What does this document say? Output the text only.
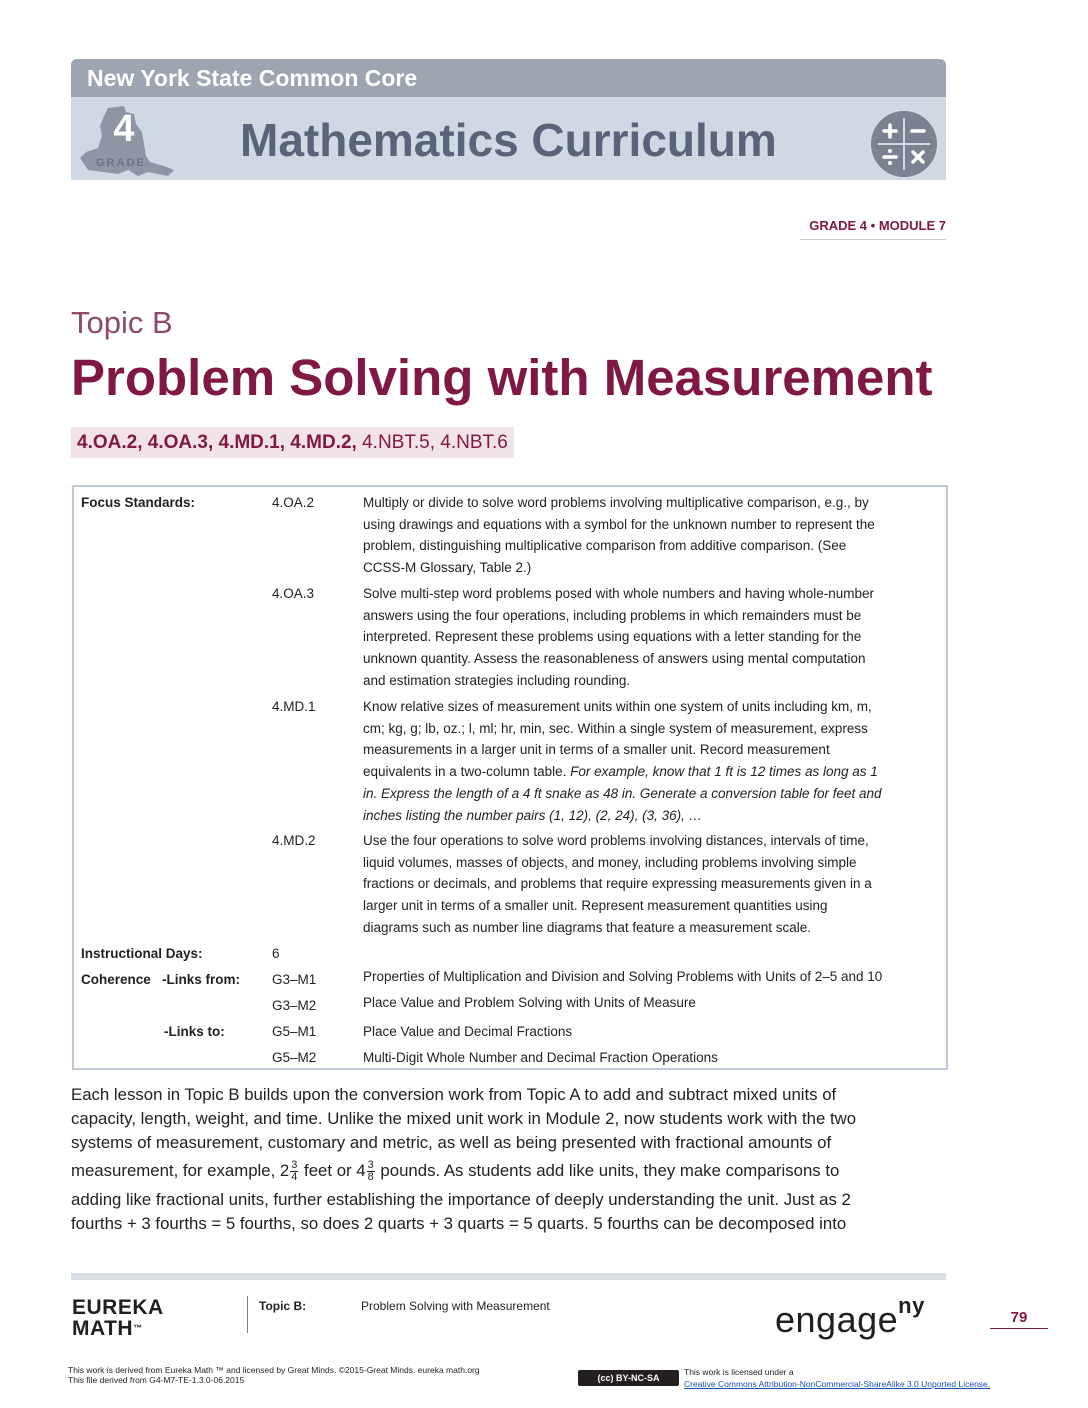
New York State Common Core
4
GRADE Mathematics Curriculum
GRADE 4 • MODULE 7
Topic B
Problem Solving with Measurement
4.OA.2, 4.OA.3, 4.MD.1, 4.MD.2, 4.NBT.5, 4.NBT.6
Focus Standards:	4.OA.2	Multiply or divide to solve word problems involving multiplicative comparison, e.g., by
using drawings and equations with a symbol for the unknown number to represent the
problem, distinguishing multiplicative comparison from additive comparison. (See
CCSS-M Glossary, Table 2.)
4.OA.3	Solve multi-step word problems posed with whole numbers and having whole-number
answers using the four operations, including problems in which remainders must be
interpreted. Represent these problems using equations with a letter standing for the
unknown quantity. Assess the reasonableness of answers using mental computation
and estimation strategies including rounding.
4.MD.1	Know relative sizes of measurement units within one system of units including km, m,
cm; kg, g; lb, oz.; l, ml; hr, min, sec. Within a single system of measurement, express
measurements in a larger unit in terms of a smaller unit. Record measurement
equivalents in a two-column table. For example, know that 1 ft is 12 times as long as 1
in. Express the length of a 4 ft snake as 48 in. Generate a conversion table for feet and
inches listing the number pairs (1, 12), (2, 24), (3, 36), …
4.MD.2	Use the four operations to solve word problems involving distances, intervals of time,
liquid volumes, masses of objects, and money, including problems involving simple
fractions or decimals, and problems that require expressing measurements given in a
larger unit in terms of a smaller unit. Represent measurement quantities using
diagrams such as number line diagrams that feature a measurement scale.
Instructional Days:	6
Coherence -Links from: G3–M1	Properties of Multiplication and Division and Solving Problems with Units of 2–5 and 10
G3–M2	Place Value and Problem Solving with Units of Measure
-Links to:	G5–M1	Place Value and Decimal Fractions
G5–M2	Multi-Digit Whole Number and Decimal Fraction Operations
Each lesson in Topic B builds upon the conversion work from Topic A to add and subtract mixed units of
capacity, length, weight, and time. Unlike the mixed unit work in Module 2, now students work with the two
systems of measurement, customary and metric, as well as being presented with fractional amounts of
measurement, for example, $2 \frac{3}{4}$ feet or $4 \frac{3}{8}$ pounds. As students add like units, they make comparisons to
adding like fractional units, further establishing the importance of deeply understanding the unit. Just as 2
fourths + 3 fourths = 5 fourths, so does 2 quarts + 3 quarts = 5 quarts. 5 fourths can be decomposed into
EUREKA
MATH™
Topic B:	Problem Solving with Measurement	engage$^{ny}$	79
This work is derived from Eureka Math ™ and licensed by Great Minds. ©2015-Great Minds. eureka math.org
This file derived from G4-M7-TE-1.3.0-06.2015	(cc) BY-NC-SA
This work is licensed under a
Creative Commons Attribution-NonCommercial-ShareAlike 3.0 Unported License.
